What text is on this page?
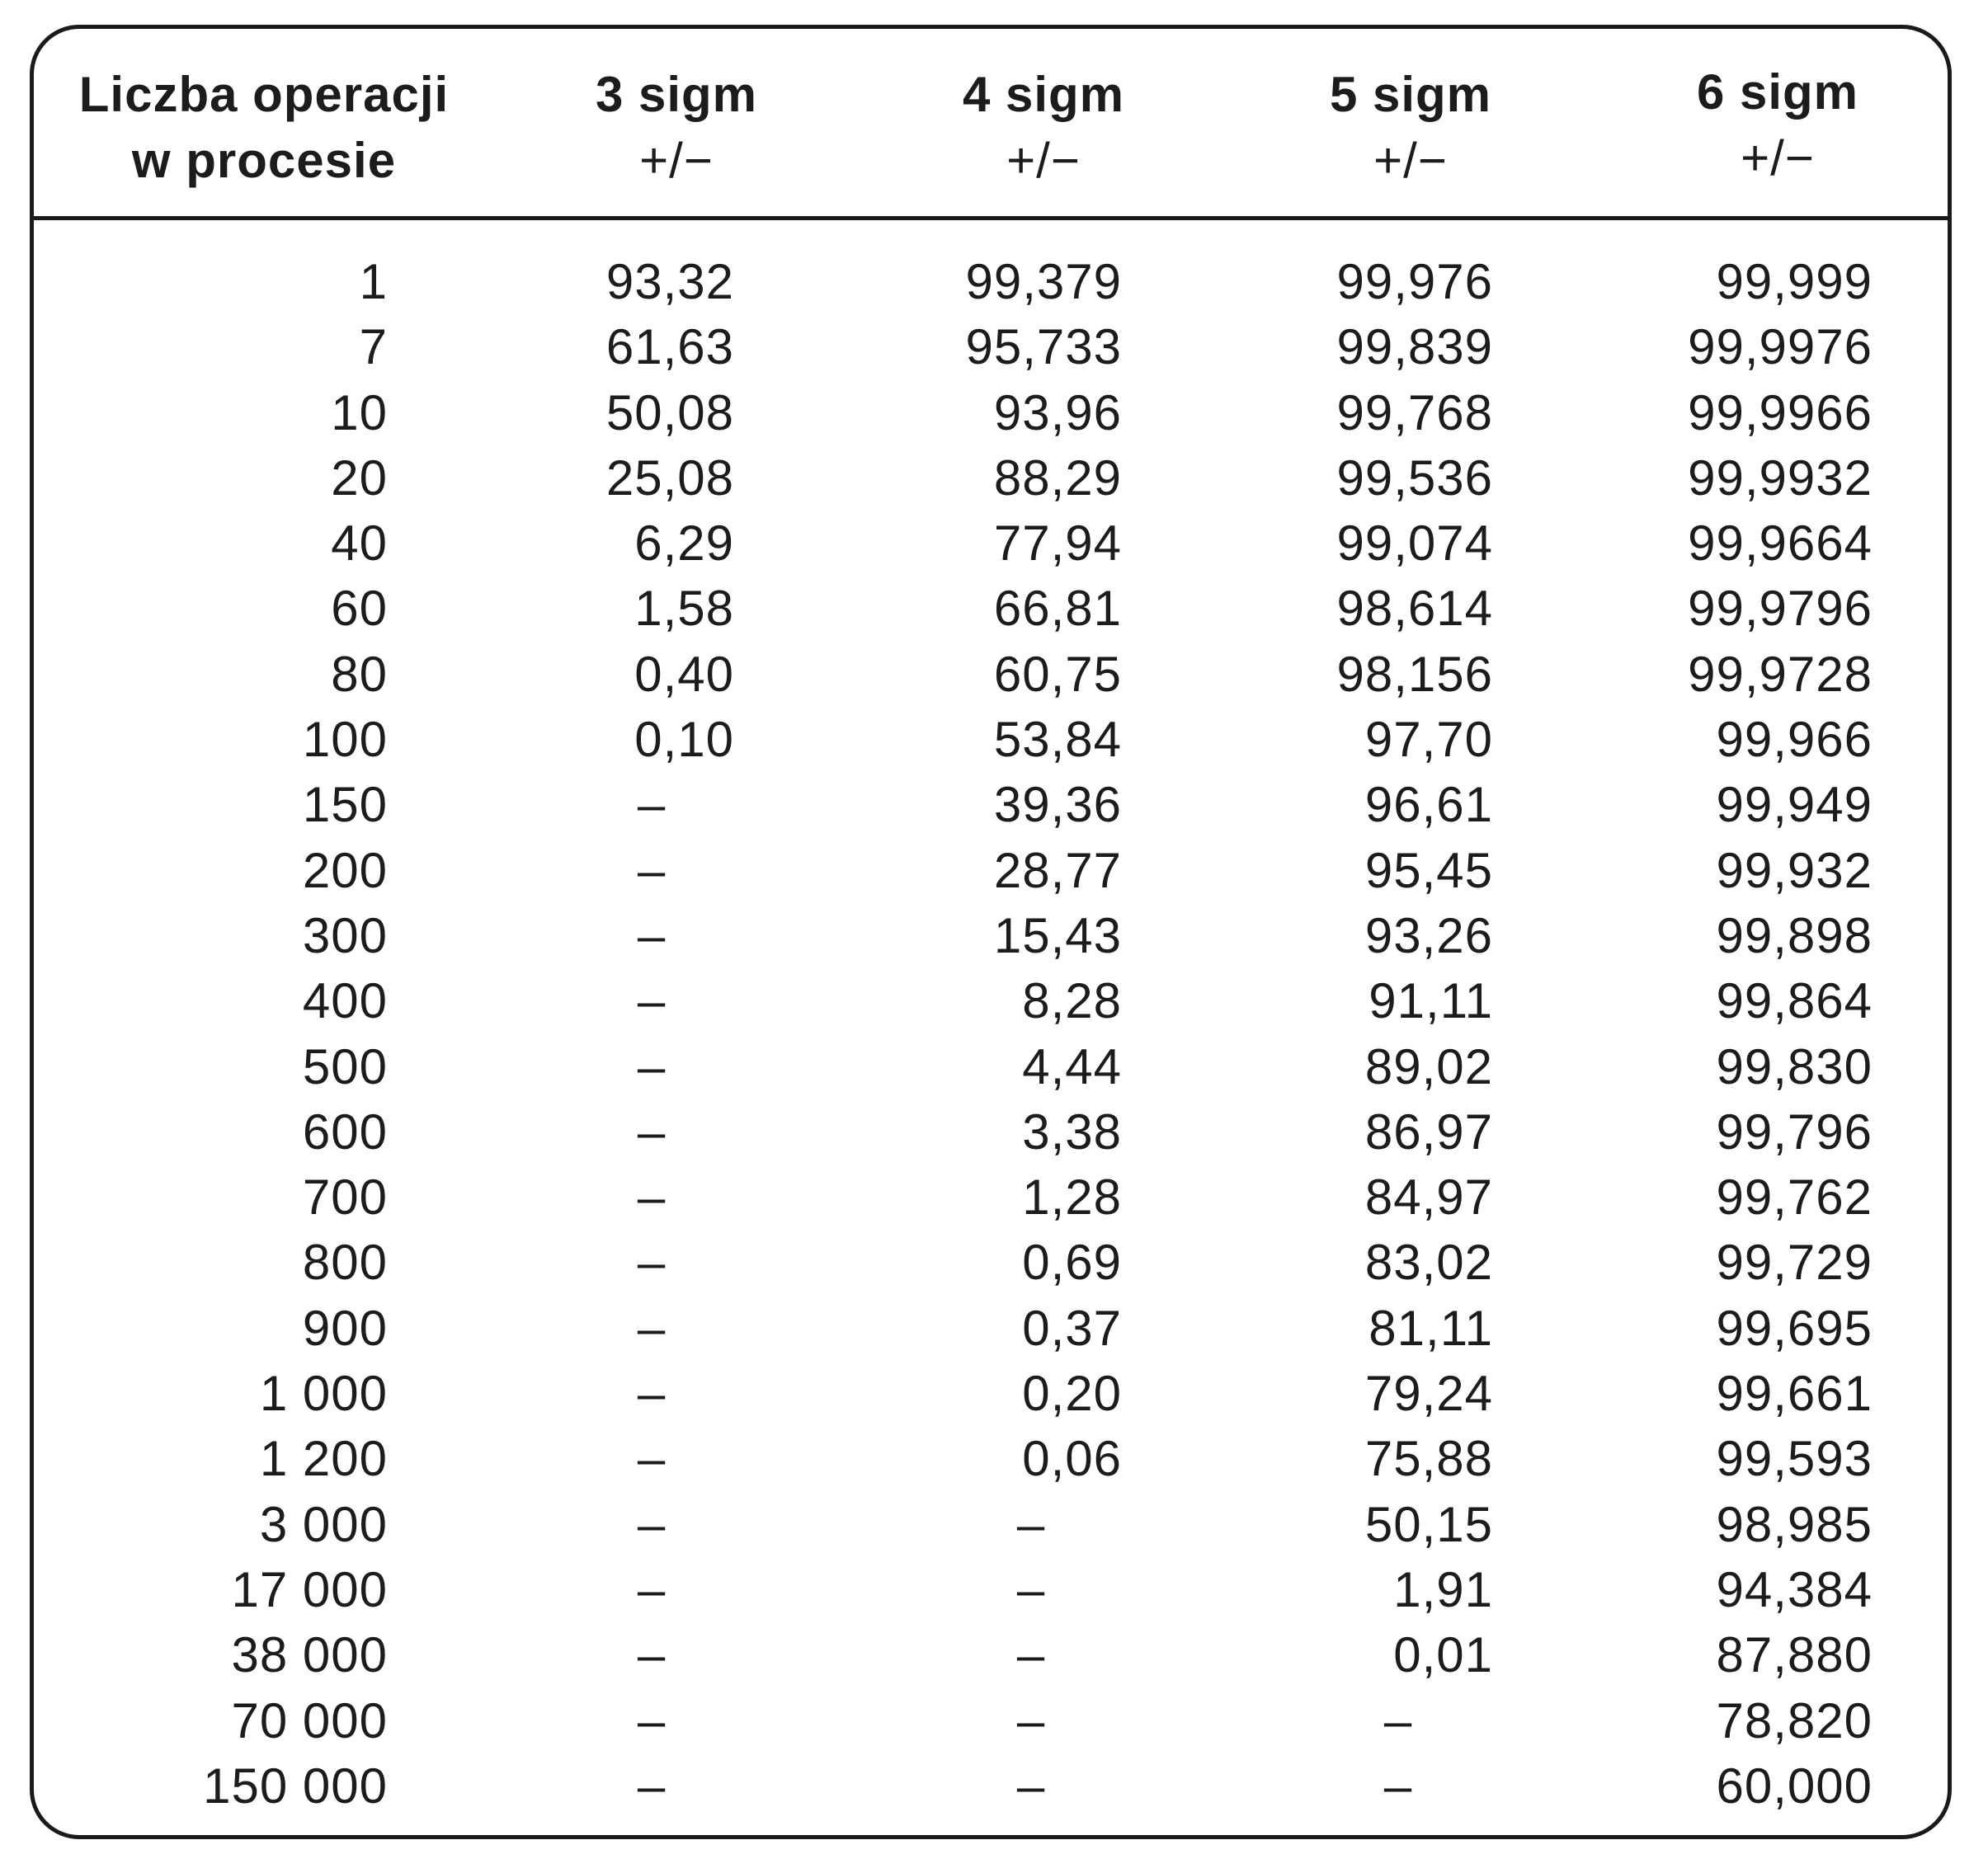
Liczba operacji
w procesie
3 sigm
+/−
4 sigm
+/−
5 sigm
+/−
6 sigm
+/−
1
7
10
20
40
60
80
100
150
200
300
400
500
600
700
800
900
1 000
1 200
3 000
17 000
38 000
70 000
150 000
93,32
61,63
50,08
25,08
6,29
1,58
0,40
0,10
–
–
–
–
–
–
–
–
–
–
–
–
–
–
–
–
99,379
95,733
93,96
88,29
77,94
66,81
60,75
53,84
39,36
28,77
15,43
8,28
4,44
3,38
1,28
0,69
0,37
0,20
0,06
–
–
–
–
–
99,976
99,839
99,768
99,536
99,074
98,614
98,156
97,70
96,61
95,45
93,26
91,11
89,02
86,97
84,97
83,02
81,11
79,24
75,88
50,15
1,91
0,01
–
–
99,999
99,9976
99,9966
99,9932
99,9664
99,9796
99,9728
99,966
99,949
99,932
99,898
99,864
99,830
99,796
99,762
99,729
99,695
99,661
99,593
98,985
94,384
87,880
78,820
60,000
